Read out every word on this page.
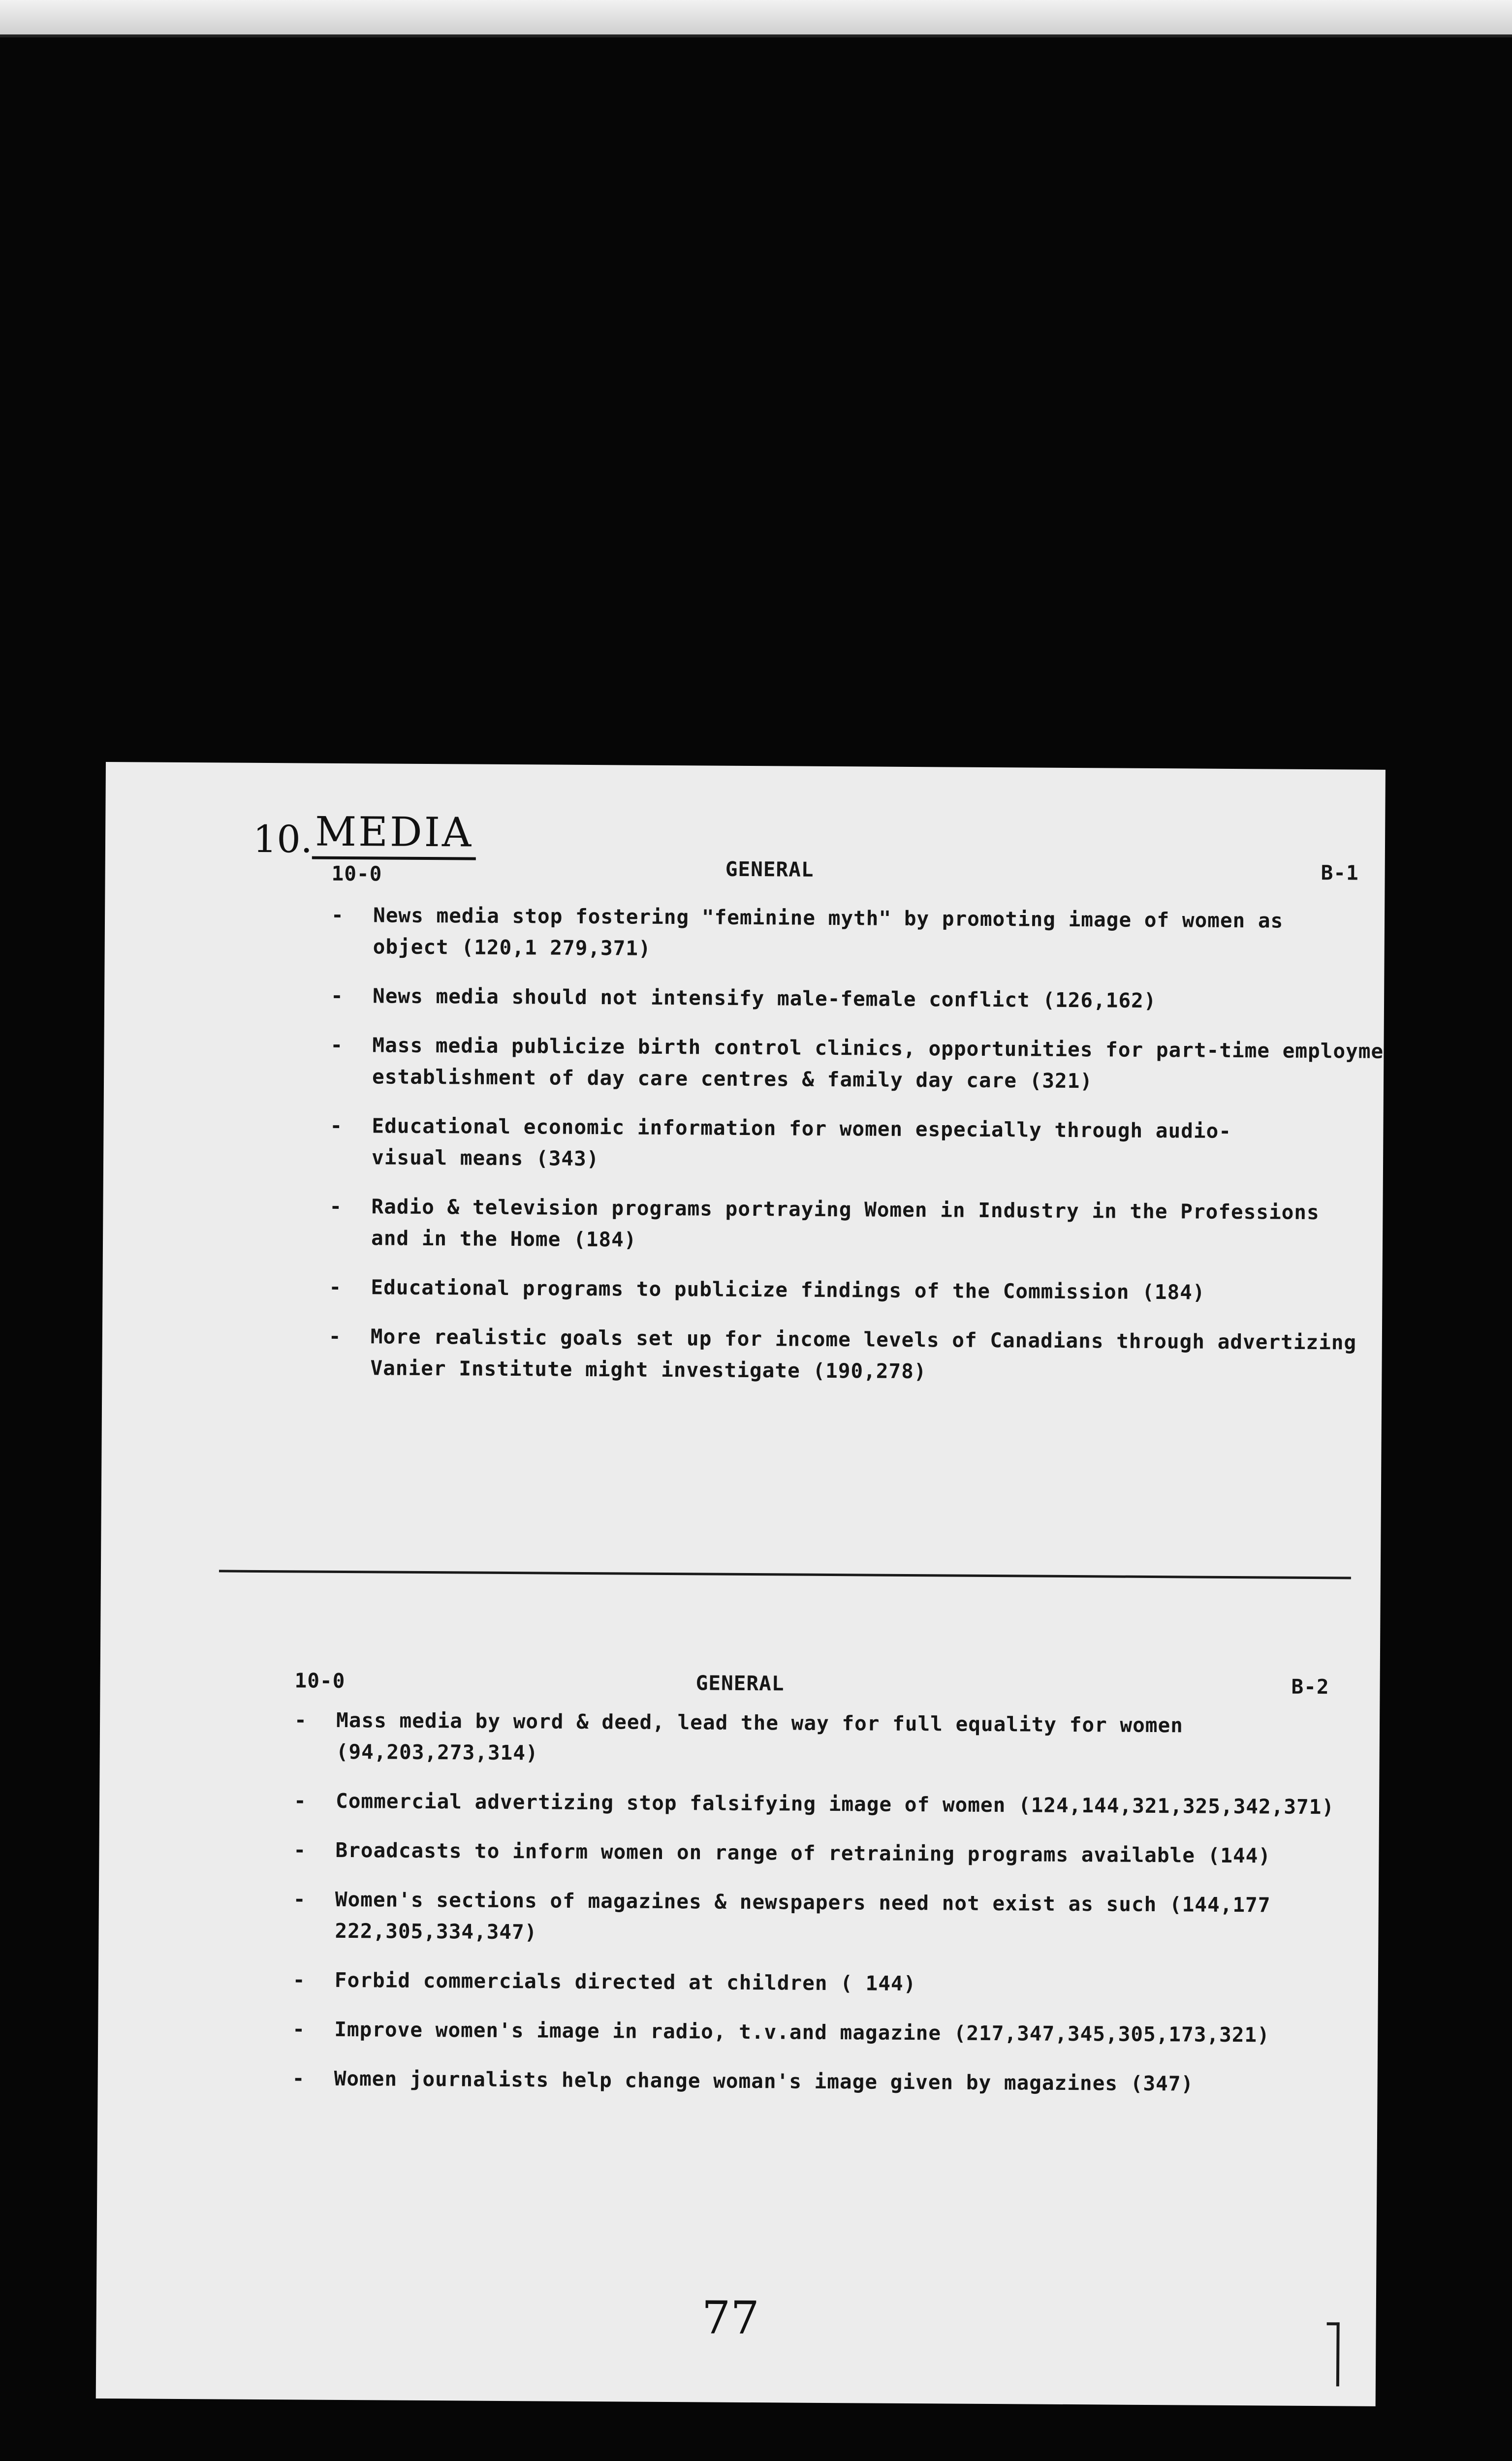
10. MEDIA
10-0	GENERAL	B-1
- News media stop fostering "feminine myth" by promoting image of women as
object (120,1 279,371)
- News media should not intensify male-female conflict (126,162)
- Mass media publicize birth control clinics, opportunities for part-time employme
establishment of day care centres & family day care (321)
- Educational economic information for women especially through audio-
visual means (343)
- Radio & television programs portraying Women in Industry in the Professions
and in the Home (184)
- Educational programs to publicize findings of the Commission (184)
- More realistic goals set up for income levels of Canadians through advertizing
Vanier Institute might investigate (190,278)
10-0	GENERAL	B-2
- Mass media by word & deed, lead the way for full equality for women (94,203,273,314)
- Commercial advertizing stop falsifying image of women (124,144,321,325,342,371)
- Broadcasts to inform women on range of retraining programs available (144)
- Women's sections of magazines & newspapers need not exist as such (144,177
222,305,334,347)
- Forbid commercials directed at children ( 144)
- Improve women's image in radio, t.v.and magazine (217,347,345,305,173,321)
- Women journalists help change woman's image given by magazines (347)
77
